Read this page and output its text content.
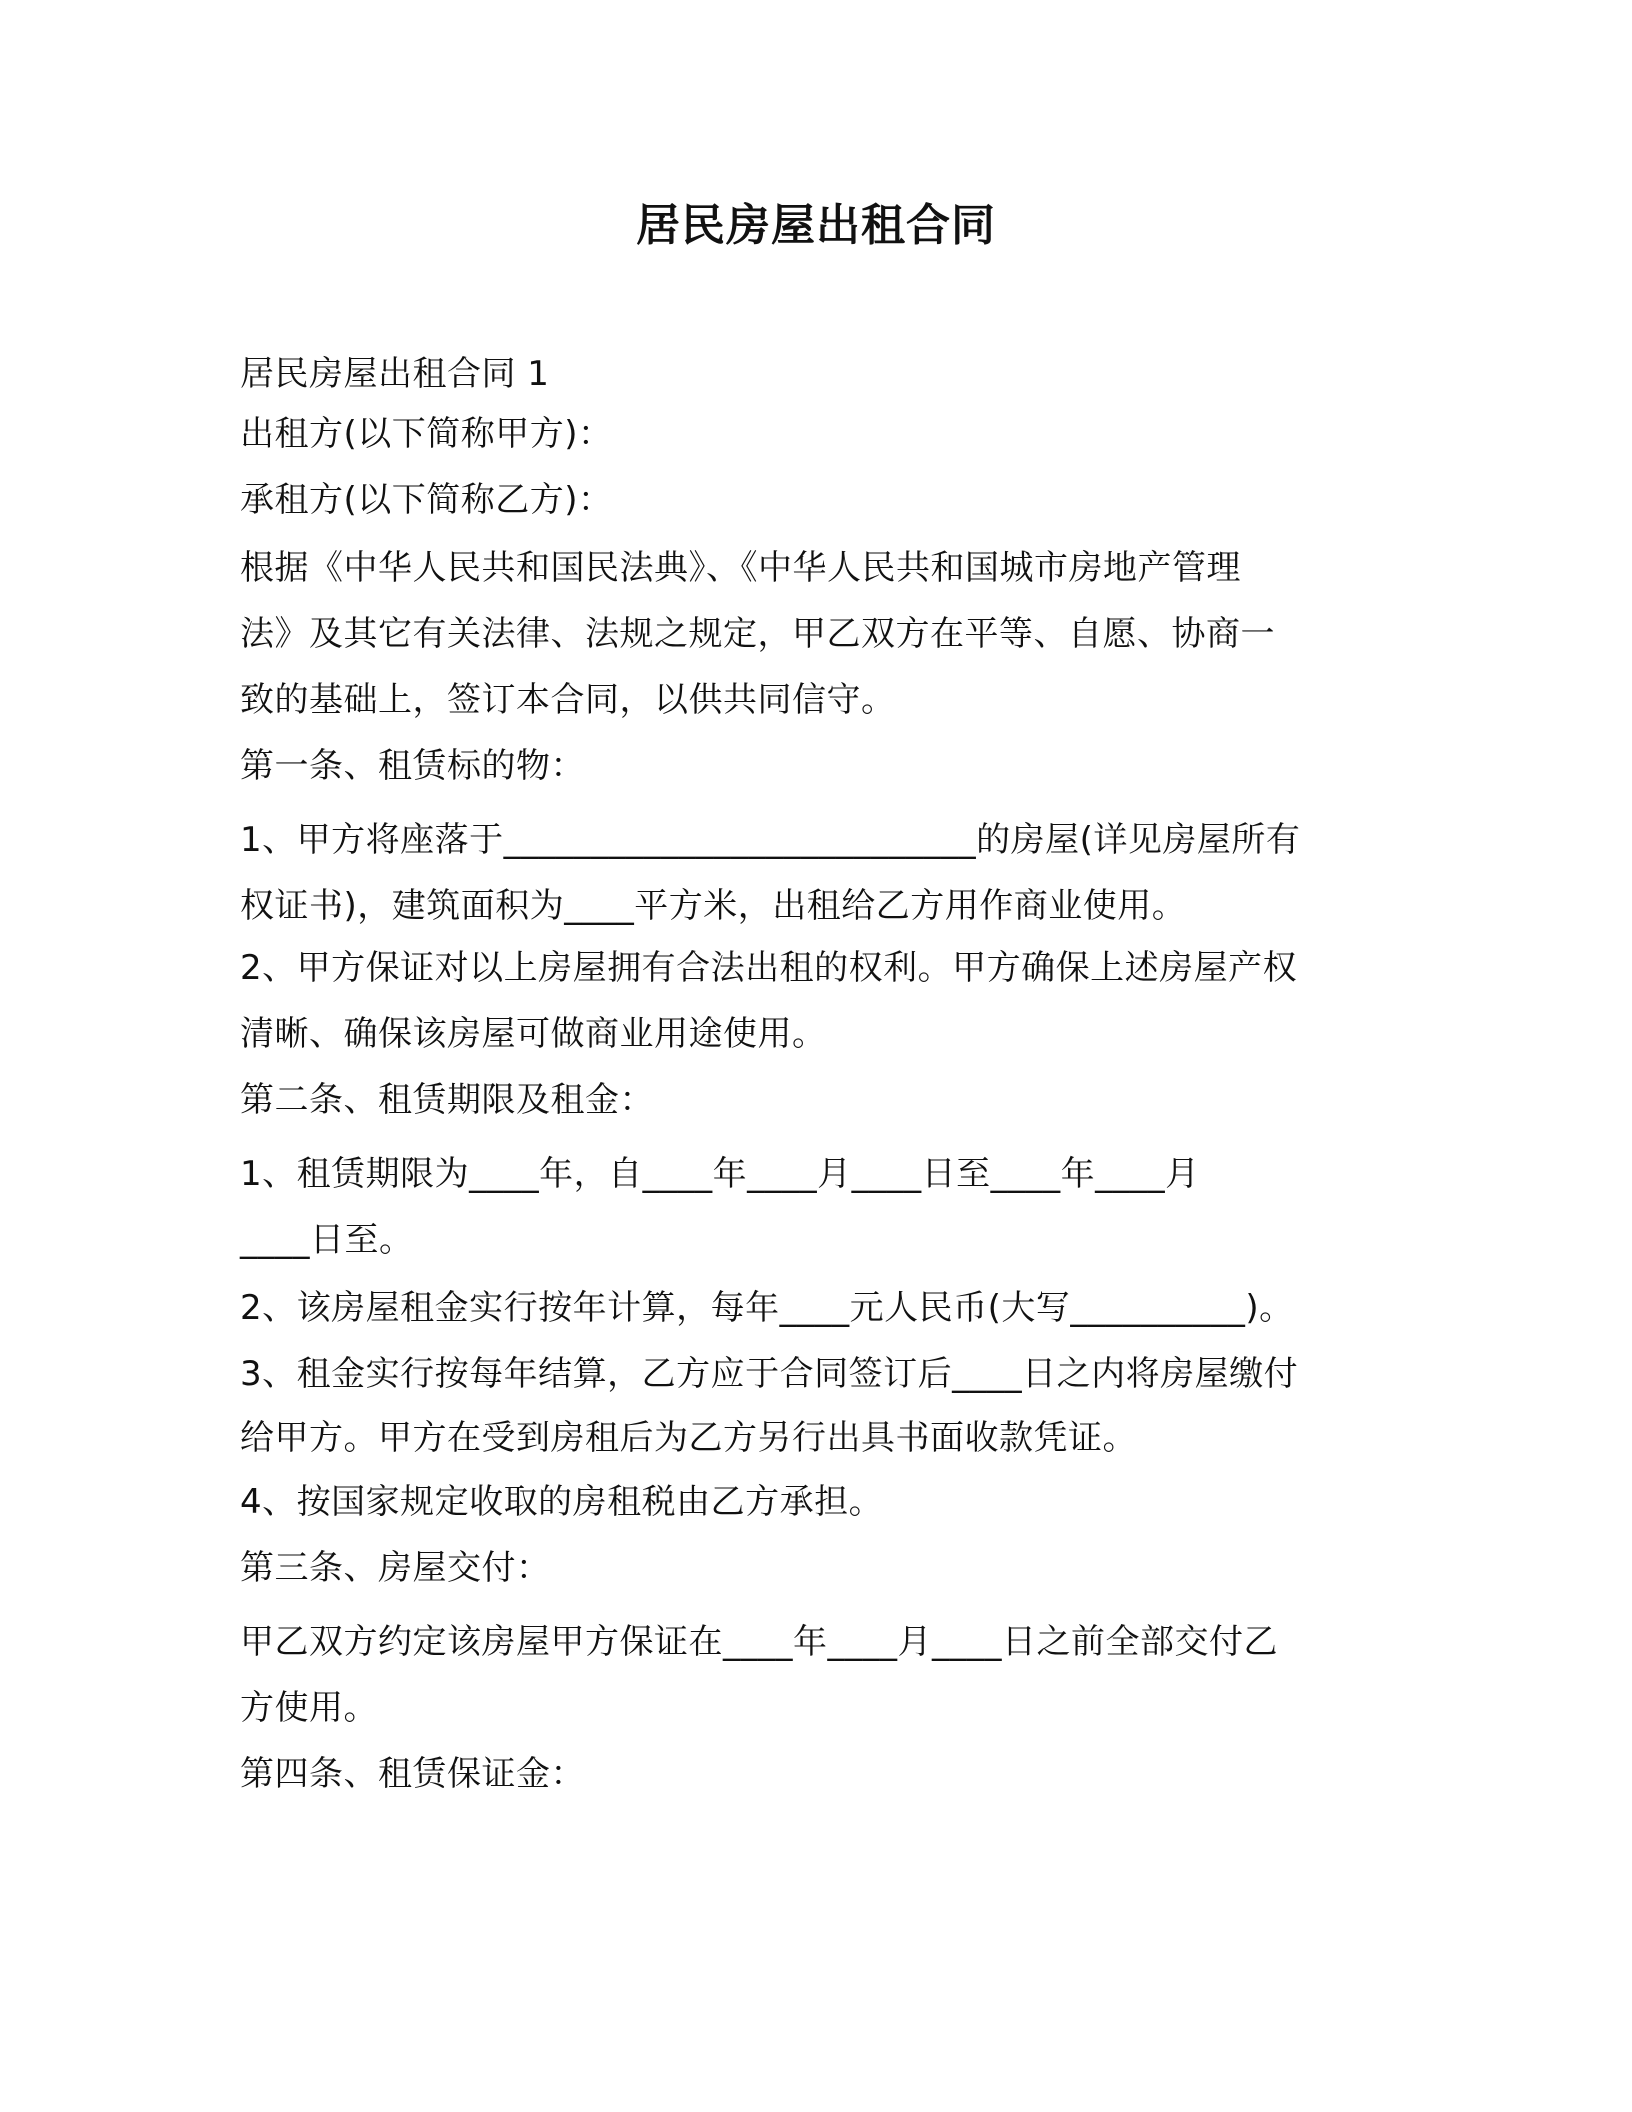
居民房屋出租合同
居民房屋出租合同 1
出租方(以下简称甲方)：
承租方(以下简称乙方)：
根据《中华人民共和国民法典》、《中华人民共和国城市房地产管理
法》及其它有关法律、法规之规定，甲乙双方在平等、自愿、协商一
致的基础上，签订本合同，以供共同信守。
第一条、租赁标的物：
1、甲方将座落于___________________________的房屋(详见房屋所有
权证书)，建筑面积为____平方米，出租给乙方用作商业使用。
2、甲方保证对以上房屋拥有合法出租的权利。甲方确保上述房屋产权
清晰、确保该房屋可做商业用途使用。
第二条、租赁期限及租金：
1、租赁期限为____年，自____年____月____日至____年____月
____日至。
2、该房屋租金实行按年计算，每年____元人民币(大写__________)。
3、租金实行按每年结算，乙方应于合同签订后____日之内将房屋缴付
给甲方。甲方在受到房租后为乙方另行出具书面收款凭证。
4、按国家规定收取的房租税由乙方承担。
第三条、房屋交付：
甲乙双方约定该房屋甲方保证在____年____月____日之前全部交付乙
方使用。
第四条、租赁保证金：
